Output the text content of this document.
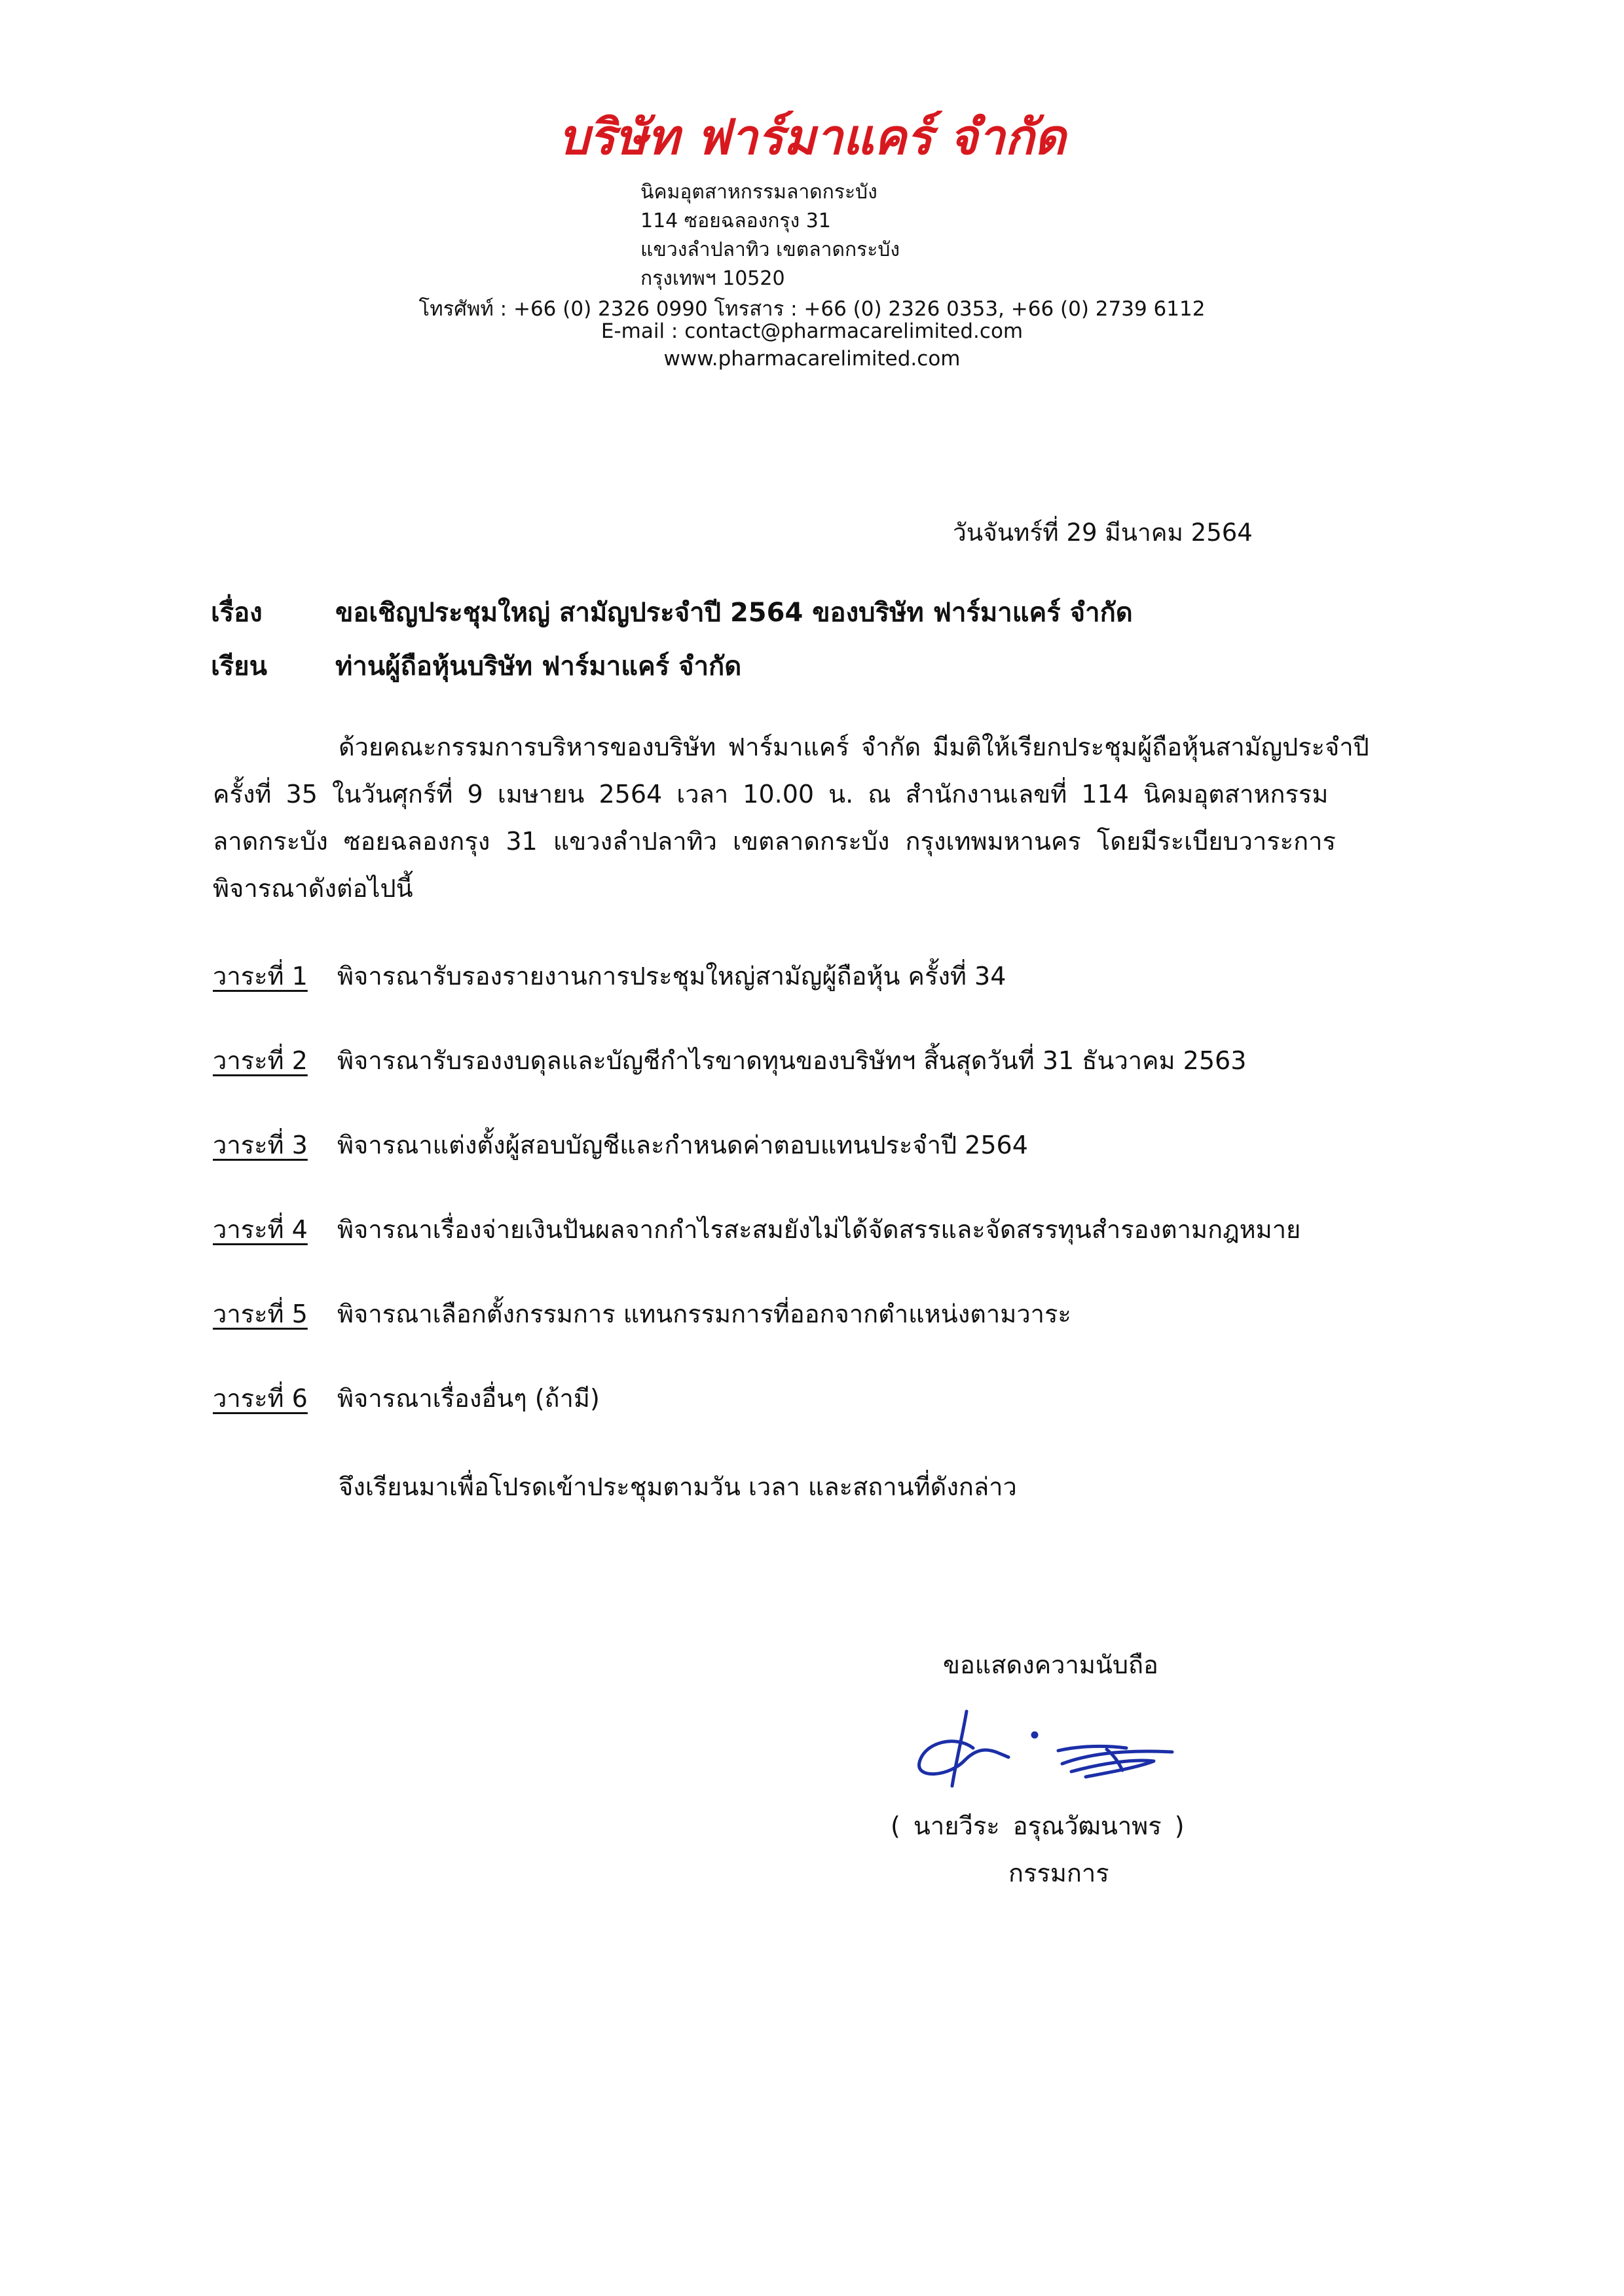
บริษัท ฟาร์มาแคร์ จำกัด
นิคมอุตสาหกรรมลาดกระบัง
114 ซอยฉลองกรุง 31
แขวงลำปลาทิว เขตลาดกระบัง
กรุงเทพฯ 10520
โทรศัพท์ : +66 (0) 2326 0990 โทรสาร : +66 (0) 2326 0353, +66 (0) 2739 6112
E-mail : contact@pharmacarelimited.com
www.pharmacarelimited.com
วันจันทร์ที่ 29 มีนาคม 2564
เรื่อง	ขอเชิญประชุมใหญ่ สามัญประจำปี 2564 ของบริษัท ฟาร์มาแคร์ จำกัด
เรียน	ท่านผู้ถือหุ้นบริษัท ฟาร์มาแคร์ จำกัด
ด้วยคณะกรรมการบริหารของบริษัท ฟาร์มาแคร์ จำกัด มีมติให้เรียกประชุมผู้ถือหุ้นสามัญประจำปี
ครั้งที่ 35 ในวันศุกร์ที่ 9 เมษายน 2564 เวลา 10.00 น. ณ สำนักงานเลขที่ 114 นิคมอุตสาหกรรม
ลาดกระบัง ซอยฉลองกรุง 31 แขวงลำปลาทิว เขตลาดกระบัง กรุงเทพมหานคร โดยมีระเบียบวาระการ
พิจารณาดังต่อไปนี้
วาระที่ 1	พิจารณารับรองรายงานการประชุมใหญ่สามัญผู้ถือหุ้น ครั้งที่ 34
วาระที่ 2	พิจารณารับรองงบดุลและบัญชีกำไรขาดทุนของบริษัทฯ สิ้นสุดวันที่ 31 ธันวาคม 2563
วาระที่ 3	พิจารณาแต่งตั้งผู้สอบบัญชีและกำหนดค่าตอบแทนประจำปี 2564
วาระที่ 4	พิจารณาเรื่องจ่ายเงินปันผลจากกำไรสะสมยังไม่ได้จัดสรรและจัดสรรทุนสำรองตามกฎหมาย
วาระที่ 5	พิจารณาเลือกตั้งกรรมการ แทนกรรมการที่ออกจากตำแหน่งตามวาระ
วาระที่ 6	พิจารณาเรื่องอื่นๆ (ถ้ามี)
จึงเรียนมาเพื่อโปรดเข้าประชุมตามวัน เวลา และสถานที่ดังกล่าว
ขอแสดงความนับถือ
( นายวีระ อรุณวัฒนาพร )
กรรมการ
